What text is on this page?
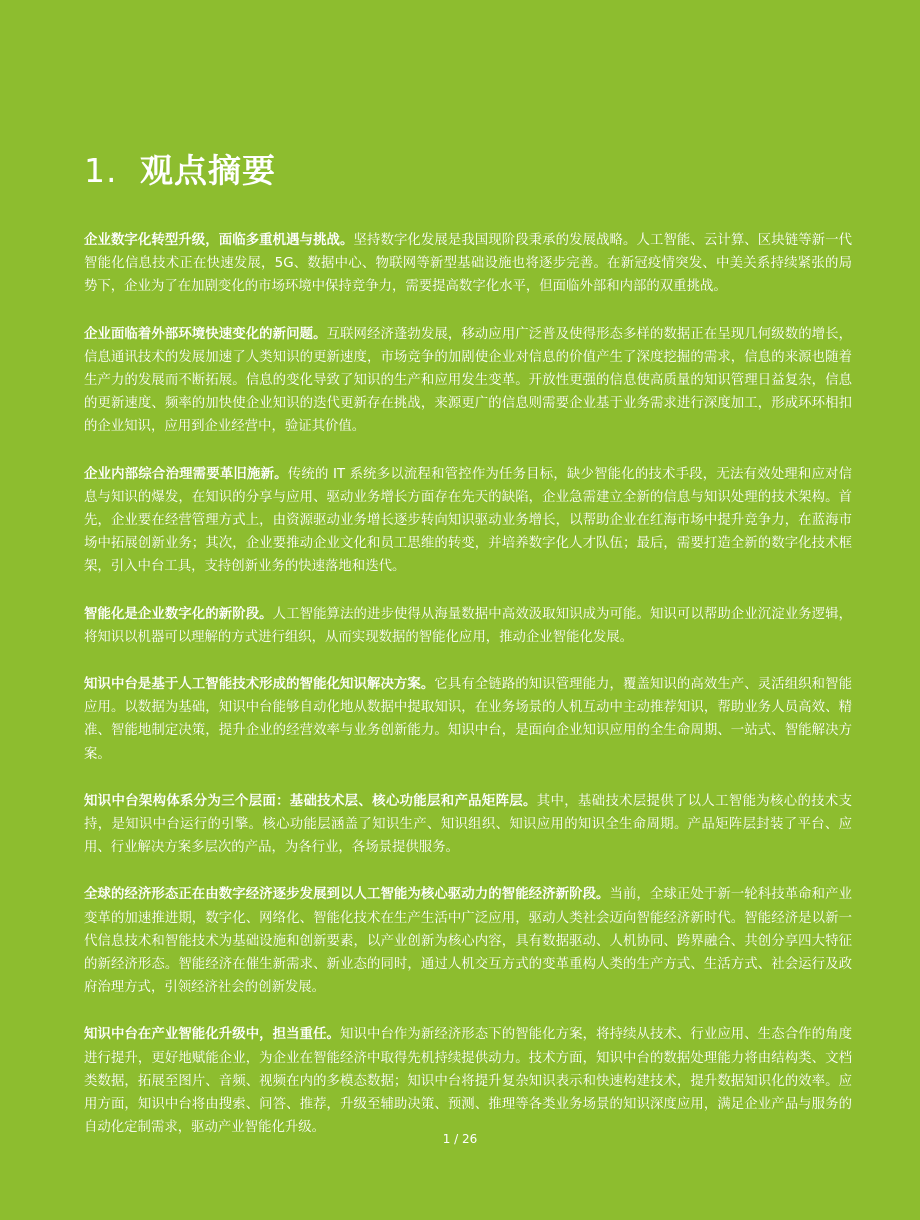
1. 观点摘要

企业数字化转型升级，面临多重机遇与挑战。坚持数字化发展是我国现阶段秉承的发展战略。人工智能、云计算、区块链等新一代智能化信息技术正在快速发展，5G、数据中心、物联网等新型基础设施也将逐步完善。在新冠疫情突发、中美关系持续紧张的局势下，企业为了在加剧变化的市场环境中保持竞争力，需要提高数字化水平，但面临外部和内部的双重挑战。

企业面临着外部环境快速变化的新问题。互联网经济蓬勃发展，移动应用广泛普及使得形态多样的数据正在呈现几何级数的增长，信息通讯技术的发展加速了人类知识的更新速度，市场竞争的加剧使企业对信息的价值产生了深度挖掘的需求，信息的来源也随着生产力的发展而不断拓展。信息的变化导致了知识的生产和应用发生变革。开放性更强的信息使高质量的知识管理日益复杂，信息的更新速度、频率的加快使企业知识的迭代更新存在挑战，来源更广的信息则需要企业基于业务需求进行深度加工，形成环环相扣的企业知识，应用到企业经营中，验证其价值。

企业内部综合治理需要革旧施新。传统的 IT 系统多以流程和管控作为任务目标，缺少智能化的技术手段，无法有效处理和应对信息与知识的爆发，在知识的分享与应用、驱动业务增长方面存在先天的缺陷，企业急需建立全新的信息与知识处理的技术架构。首先，企业要在经营管理方式上，由资源驱动业务增长逐步转向知识驱动业务增长，以帮助企业在红海市场中提升竞争力，在蓝海市场中拓展创新业务；其次，企业要推动企业文化和员工思维的转变，并培养数字化人才队伍；最后，需要打造全新的数字化技术框架，引入中台工具，支持创新业务的快速落地和迭代。

智能化是企业数字化的新阶段。人工智能算法的进步使得从海量数据中高效汲取知识成为可能。知识可以帮助企业沉淀业务逻辑，将知识以机器可以理解的方式进行组织，从而实现数据的智能化应用，推动企业智能化发展。

知识中台是基于人工智能技术形成的智能化知识解决方案。它具有全链路的知识管理能力，覆盖知识的高效生产、灵活组织和智能应用。以数据为基础，知识中台能够自动化地从数据中提取知识，在业务场景的人机互动中主动推荐知识，帮助业务人员高效、精准、智能地制定决策，提升企业的经营效率与业务创新能力。知识中台，是面向企业知识应用的全生命周期、一站式、智能解决方案。

知识中台架构体系分为三个层面：基础技术层、核心功能层和产品矩阵层。其中，基础技术层提供了以人工智能为核心的技术支持，是知识中台运行的引擎。核心功能层涵盖了知识生产、知识组织、知识应用的知识全生命周期。产品矩阵层封装了平台、应用、行业解决方案多层次的产品，为各行业，各场景提供服务。

全球的经济形态正在由数字经济逐步发展到以人工智能为核心驱动力的智能经济新阶段。当前，全球正处于新一轮科技革命和产业变革的加速推进期，数字化、网络化、智能化技术在生产生活中广泛应用，驱动人类社会迈向智能经济新时代。智能经济是以新一代信息技术和智能技术为基础设施和创新要素，以产业创新为核心内容，具有数据驱动、人机协同、跨界融合、共创分享四大特征的新经济形态。智能经济在催生新需求、新业态的同时，通过人机交互方式的变革重构人类的生产方式、生活方式、社会运行及政府治理方式，引领经济社会的创新发展。

知识中台在产业智能化升级中，担当重任。知识中台作为新经济形态下的智能化方案，将持续从技术、行业应用、生态合作的角度进行提升，更好地赋能企业，为企业在智能经济中取得先机持续提供动力。技术方面，知识中台的数据处理能力将由结构类、文档类数据，拓展至图片、音频、视频在内的多模态数据；知识中台将提升复杂知识表示和快速构建技术，提升数据知识化的效率。应用方面，知识中台将由搜索、问答、推荐，升级至辅助决策、预测、推理等各类业务场景的知识深度应用，满足企业产品与服务的自动化定制需求，驱动产业智能化升级。

1 / 26
